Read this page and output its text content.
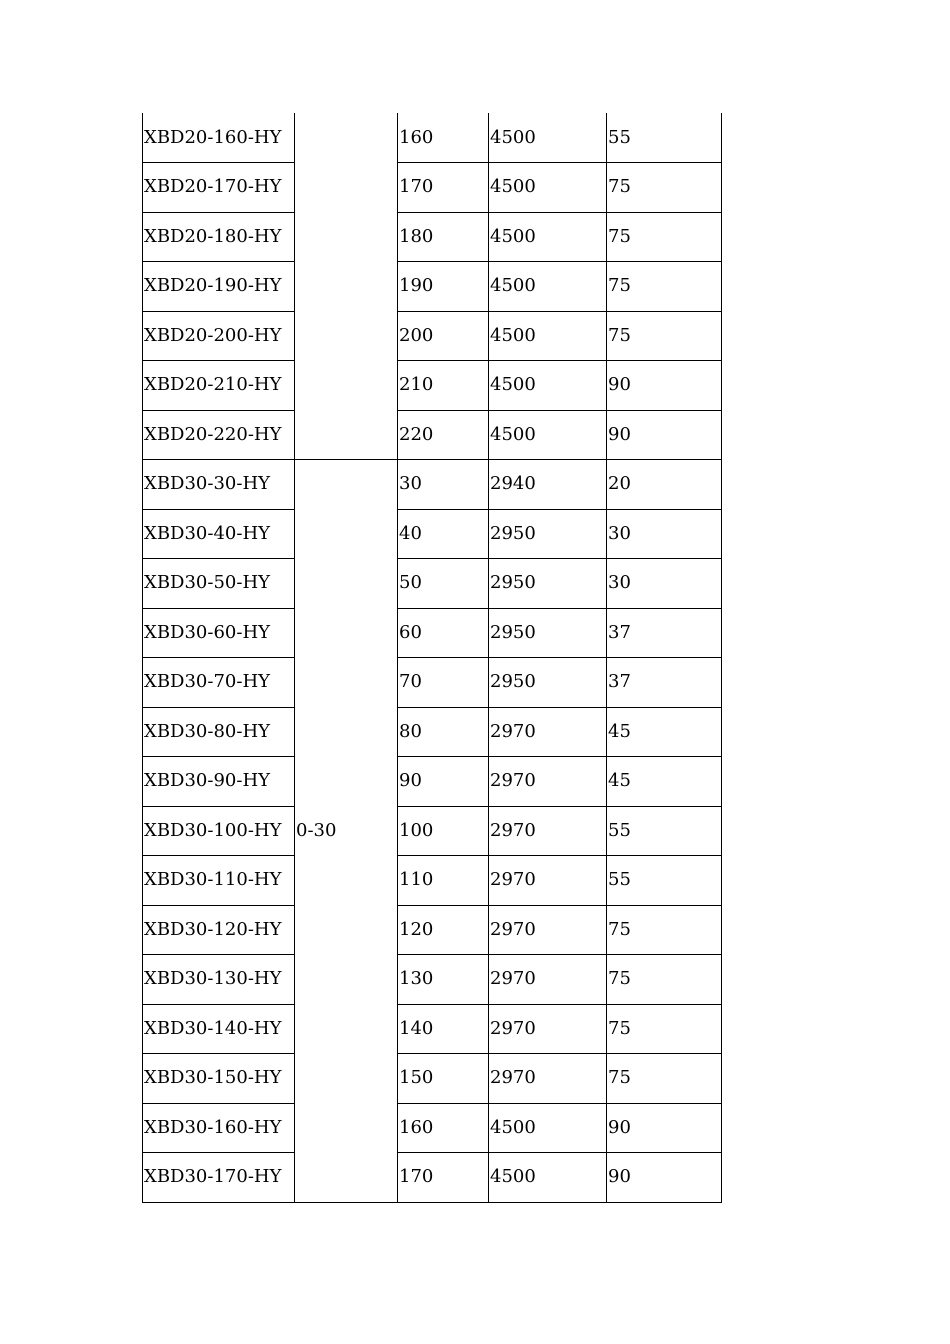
XBD20-160-HY		160	4500	55
XBD20-170-HY		170	4500	75
XBD20-180-HY		180	4500	75
XBD20-190-HY		190	4500	75
XBD20-200-HY		200	4500	75
XBD20-210-HY		210	4500	90
XBD20-220-HY		220	4500	90
XBD30-30-HY	0-30	30	2940	20
XBD30-40-HY		40	2950	30
XBD30-50-HY		50	2950	30
XBD30-60-HY		60	2950	37
XBD30-70-HY		70	2950	37
XBD30-80-HY		80	2970	45
XBD30-90-HY		90	2970	45
XBD30-100-HY		100	2970	55
XBD30-110-HY		110	2970	55
XBD30-120-HY		120	2970	75
XBD30-130-HY		130	2970	75
XBD30-140-HY		140	2970	75
XBD30-150-HY		150	2970	75
XBD30-160-HY		160	4500	90
XBD30-170-HY		170	4500	90
